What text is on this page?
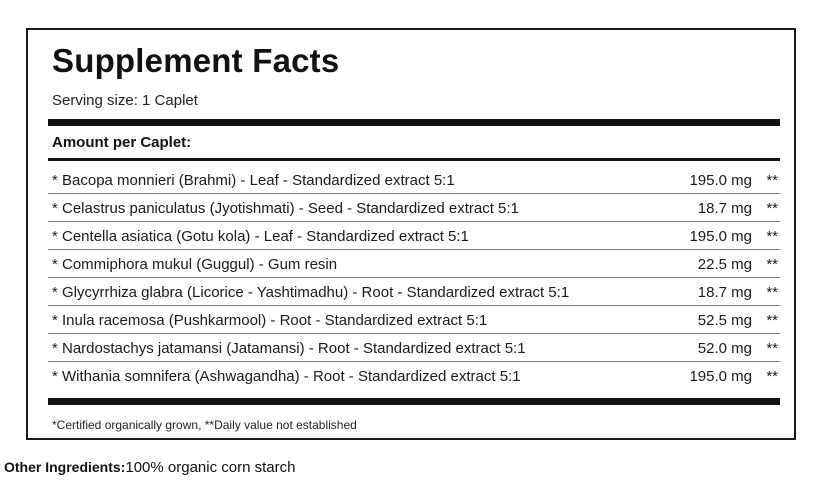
Supplement Facts
Serving size: 1 Caplet
Amount per Caplet:
* Bacopa monnieri (Brahmi) - Leaf - Standardized extract 5:1	195.0 mg **
* Celastrus paniculatus (Jyotishmati) - Seed - Standardized extract 5:1	18.7 mg **
* Centella asiatica (Gotu kola) - Leaf - Standardized extract 5:1	195.0 mg **
* Commiphora mukul (Guggul) - Gum resin	22.5 mg **
* Glycyrrhiza glabra (Licorice - Yashtimadhu) - Root - Standardized extract 5:1	18.7 mg **
* Inula racemosa (Pushkarmool) - Root - Standardized extract 5:1	52.5 mg **
* Nardostachys jatamansi (Jatamansi) - Root - Standardized extract 5:1	52.0 mg **
* Withania somnifera (Ashwagandha) - Root - Standardized extract 5:1	195.0 mg **
*Certified organically grown, **Daily value not established
Other Ingredients:100% organic corn starch
